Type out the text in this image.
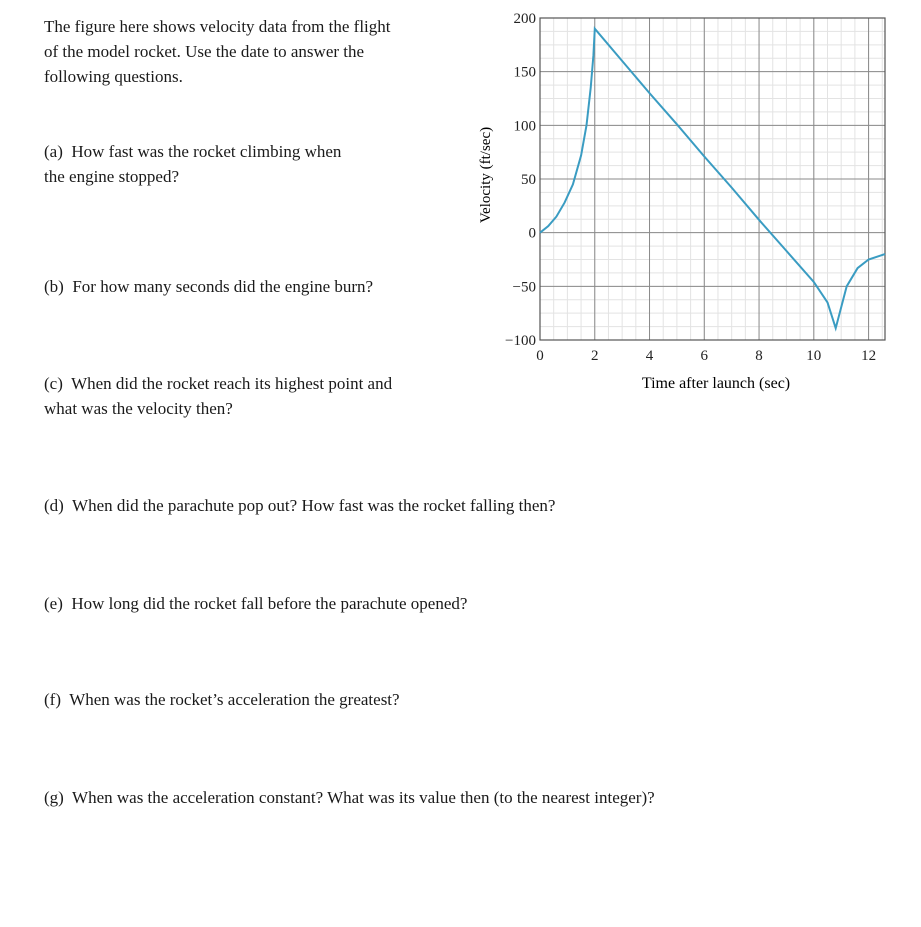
The figure here shows velocity data from the flight
of the model rocket. Use the date to answer the
following questions.
(a) How fast was the rocket climbing when
the engine stopped?
(b) For how many seconds did the engine burn?
(c) When did the rocket reach its highest point and
what was the velocity then?
(d) When did the parachute pop out? How fast was the rocket falling then?
(e) How long did the rocket fall before the parachute opened?
(f) When was the rocket’s acceleration the greatest?
(g) When was the acceleration constant? What was its value then (to the nearest integer)?
−100
−50
0
50
100
150
200
0	2	4	6	8	10	12
Velocity (ft/sec)
Time after launch (sec)
